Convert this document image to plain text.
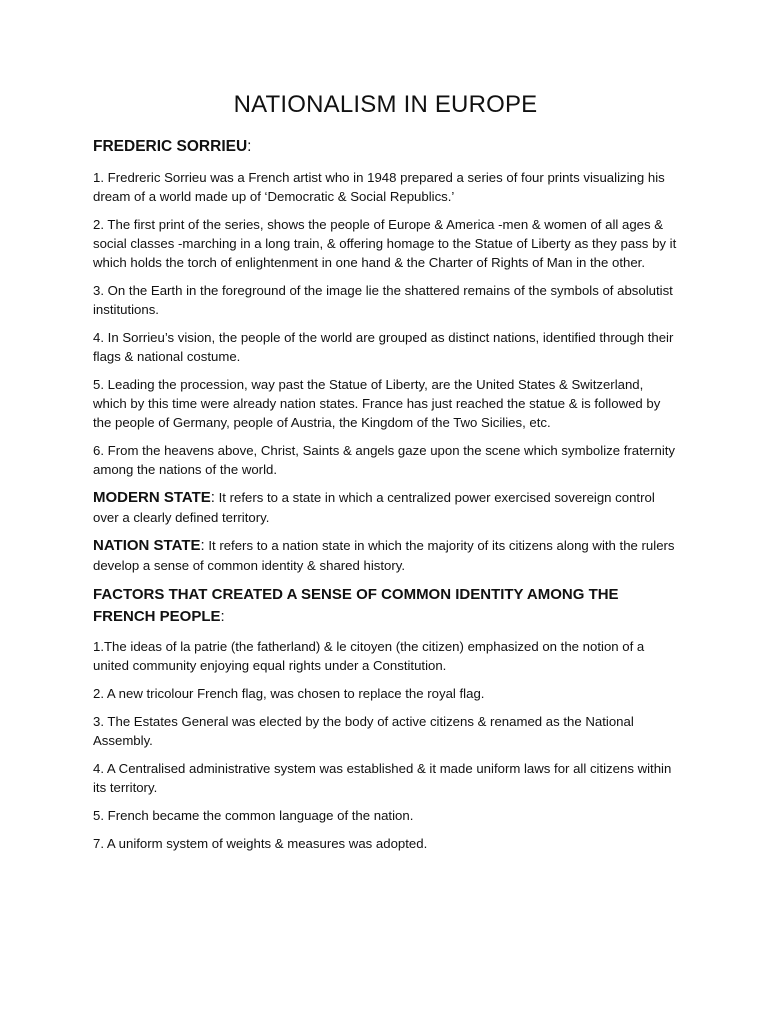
NATIONALISM IN EUROPE
FREDERIC SORRIEU:

1. Fredreric Sorrieu was a French artist who in 1948 prepared a series of four prints visualizing his dream of a world made up of ‘Democratic & Social Republics.’

2. The first print of the series, shows the people of Europe & America -men & women of all ages & social classes -marching in a long train, & offering homage to the Statue of Liberty as they pass by it which holds the torch of enlightenment in one hand & the Charter of Rights of Man in the other.

3. On the Earth in the foreground of the image lie the shattered remains of the symbols of absolutist institutions.

4. In Sorrieu’s vision, the people of the world are grouped as distinct nations, identified through their flags & national costume.

5. Leading the procession, way past the Statue of Liberty, are the United States & Switzerland, which by this time were already nation states. France has just reached the statue & is followed by the people of Germany, people of Austria, the Kingdom of the Two Sicilies, etc.

6. From the heavens above, Christ, Saints & angels gaze upon the scene which symbolize fraternity among the nations of the world.

MODERN STATE: It refers to a state in which a centralized power exercised sovereign control over a clearly defined territory.

NATION STATE: It refers to a nation state in which the majority of its citizens along with the rulers develop a sense of common identity & shared history.

FACTORS THAT CREATED A SENSE OF COMMON IDENTITY AMONG THE FRENCH PEOPLE:

1.The ideas of la patrie (the fatherland) & le citoyen (the citizen) emphasized on the notion of a united community enjoying equal rights under a Constitution.

2. A new tricolour French flag, was chosen to replace the royal flag.

3. The Estates General was elected by the body of active citizens & renamed as the National Assembly.

4. A Centralised administrative system was established & it made uniform laws for all citizens within its territory.

5. French became the common language of the nation.

7. A uniform system of weights & measures was adopted.
